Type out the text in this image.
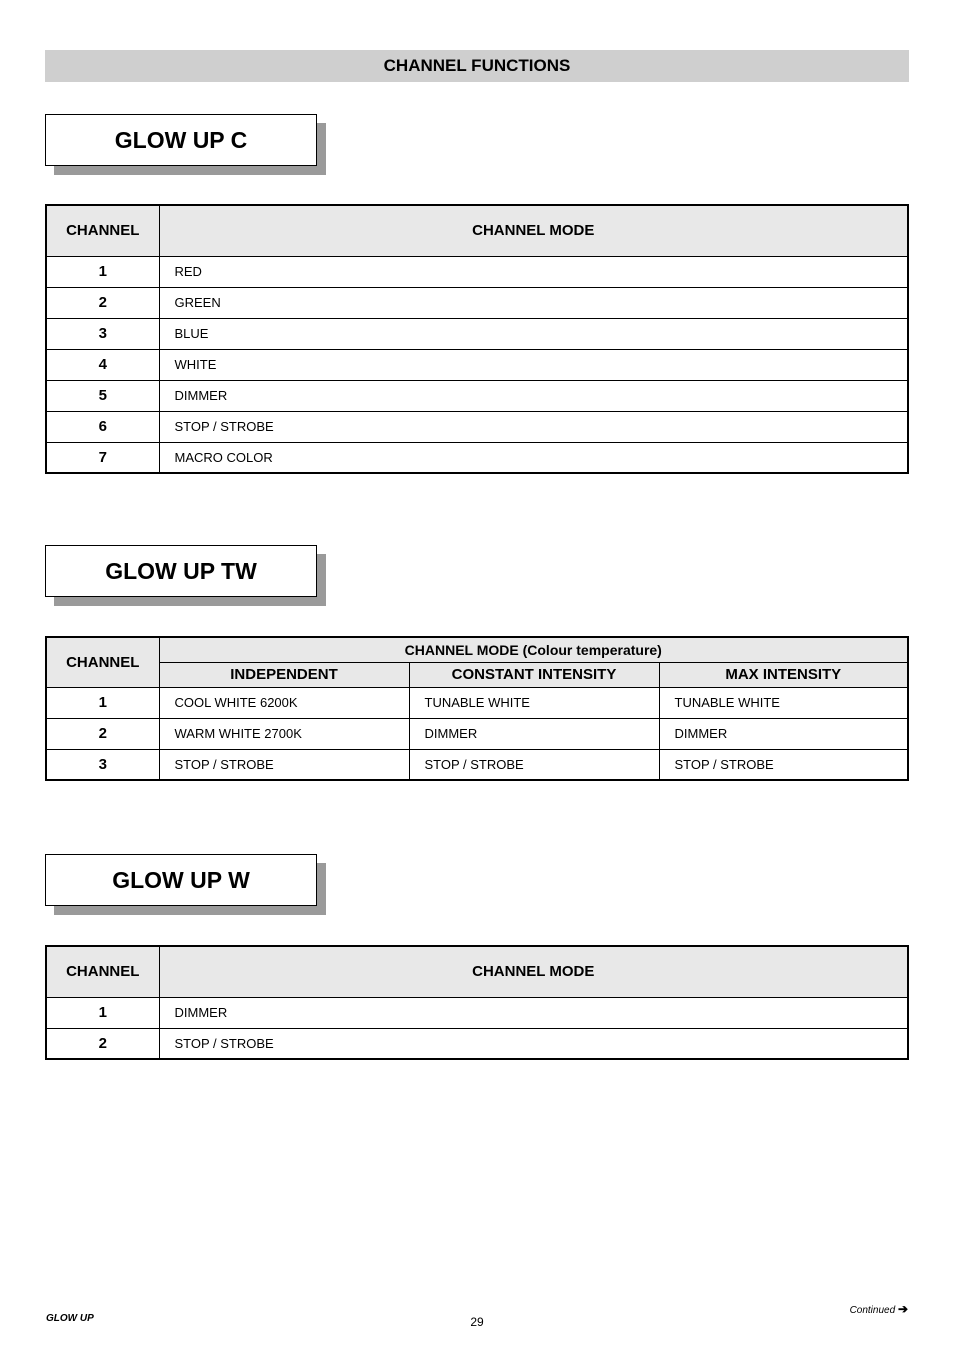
CHANNEL FUNCTIONS
GLOW UP C
CHANNEL	CHANNEL MODE
1	RED
2	GREEN
3	BLUE
4	WHITE
5	DIMMER
6	STOP / STROBE
7	MACRO COLOR
GLOW UP TW
CHANNEL	CHANNEL MODE (Colour temperature)		
	INDEPENDENT	CONSTANT INTENSITY	MAX INTENSITY
1	COOL WHITE 6200K	TUNABLE WHITE	TUNABLE WHITE
2	WARM WHITE 2700K	DIMMER	DIMMER
3	STOP / STROBE	STOP / STROBE	STOP / STROBE
GLOW UP W
CHANNEL	CHANNEL MODE
1	DIMMER
2	STOP / STROBE
GLOW UP	29
Continued ➔
